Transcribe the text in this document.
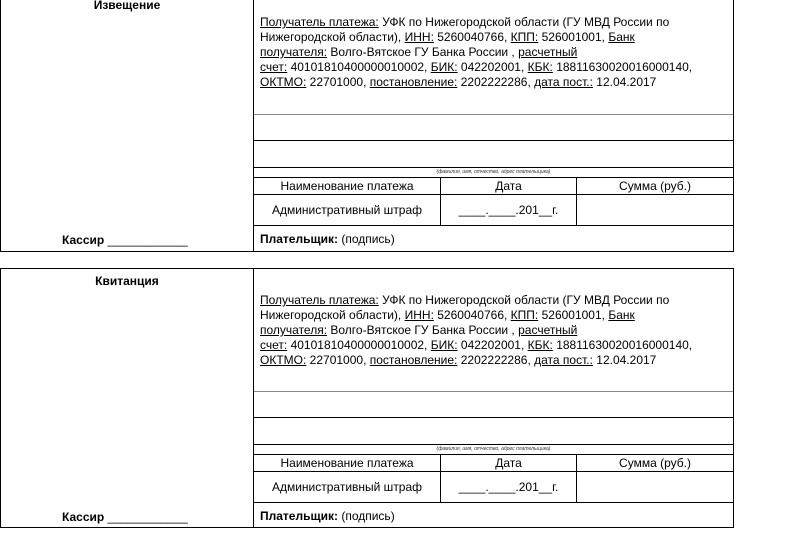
Извещение
Кассир ____________
Получатель платежа: УФК по Нижегородской области (ГУ МВД России по
Нижегородской области), ИНН: 5260040766, КПП: 526001001, Банк
получателя: Волго-Вятское ГУ Банка России , расчетный
счет: 40101810400000010002, БИК: 042202001, КБК: 18811630020016000140,
ОКТМО: 22701000, постановление: 2202222286, дата пост.: 12.04.2017
(фамилия, имя, отчество, адрес плательщика)
Наименование платежа	Дата	Сумма (руб.)
Административный штраф	____.____.201__г.
Плательщик: (подпись)
Квитанция
Кассир ____________
Получатель платежа: УФК по Нижегородской области (ГУ МВД России по
Нижегородской области), ИНН: 5260040766, КПП: 526001001, Банк
получателя: Волго-Вятское ГУ Банка России , расчетный
счет: 40101810400000010002, БИК: 042202001, КБК: 18811630020016000140,
ОКТМО: 22701000, постановление: 2202222286, дата пост.: 12.04.2017
(фамилия, имя, отчество, адрес плательщика)
Наименование платежа	Дата	Сумма (руб.)
Административный штраф	____.____.201__г.
Плательщик: (подпись)
